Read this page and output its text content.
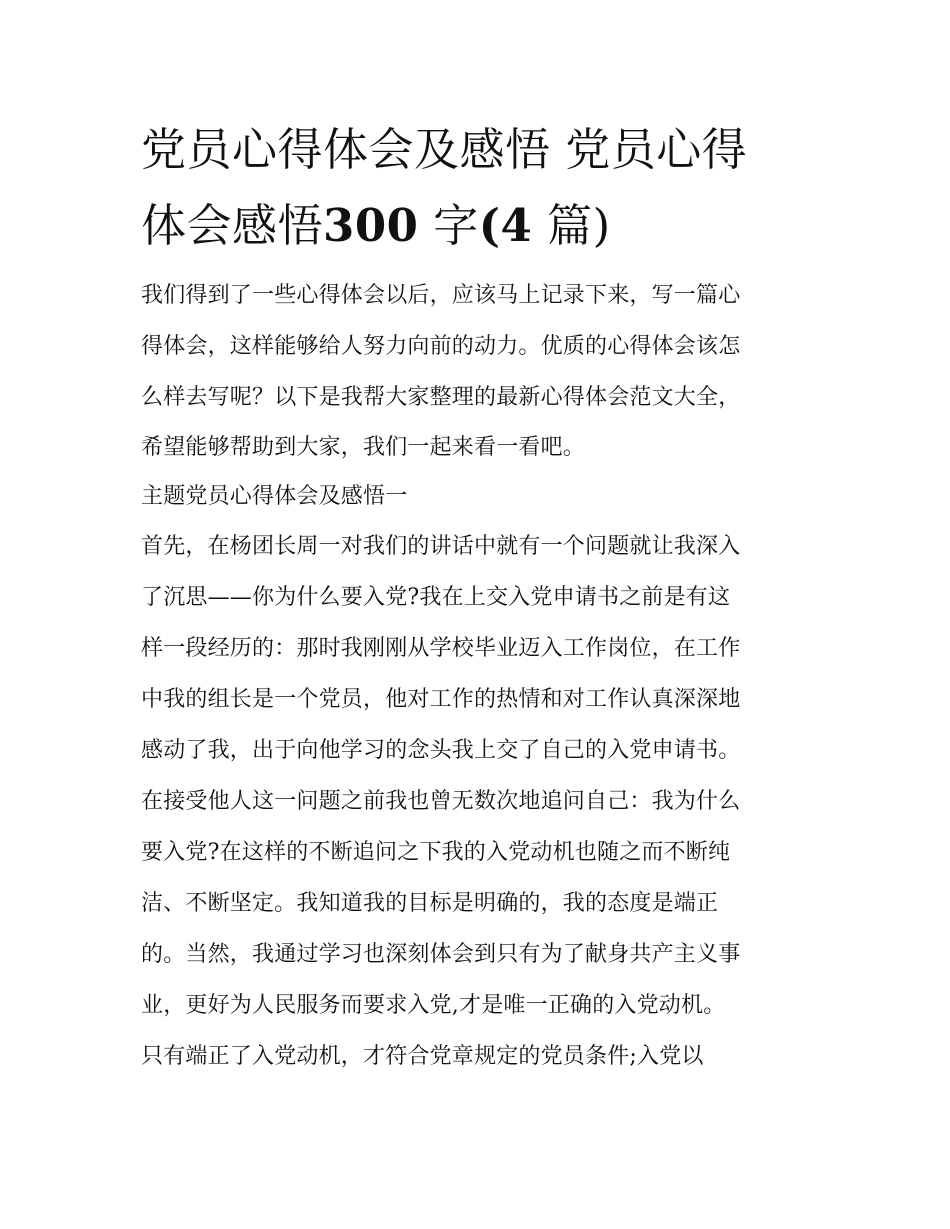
党员心得体会及感悟 党员心得
体会感悟300 字(4 篇)
我们得到了一些心得体会以后，应该马上记录下来，写一篇心
得体会，这样能够给人努力向前的动力。优质的心得体会该怎
么样去写呢？以下是我帮大家整理的最新心得体会范文大全，
希望能够帮助到大家，我们一起来看一看吧。
主题党员心得体会及感悟一
首先，在杨团长周一对我们的讲话中就有一个问题就让我深入
了沉思——你为什么要入党?我在上交入党申请书之前是有这
样一段经历的：那时我刚刚从学校毕业迈入工作岗位，在工作
中我的组长是一个党员，他对工作的热情和对工作认真深深地
感动了我，出于向他学习的念头我上交了自己的入党申请书。
在接受他人这一问题之前我也曾无数次地追问自己：我为什么
要入党?在这样的不断追问之下我的入党动机也随之而不断纯
洁、不断坚定。我知道我的目标是明确的，我的态度是端正
的。当然，我通过学习也深刻体会到只有为了献身共产主义事
业，更好为人民服务而要求入党,才是唯一正确的入党动机。
只有端正了入党动机，才符合党章规定的党员条件;入党以
